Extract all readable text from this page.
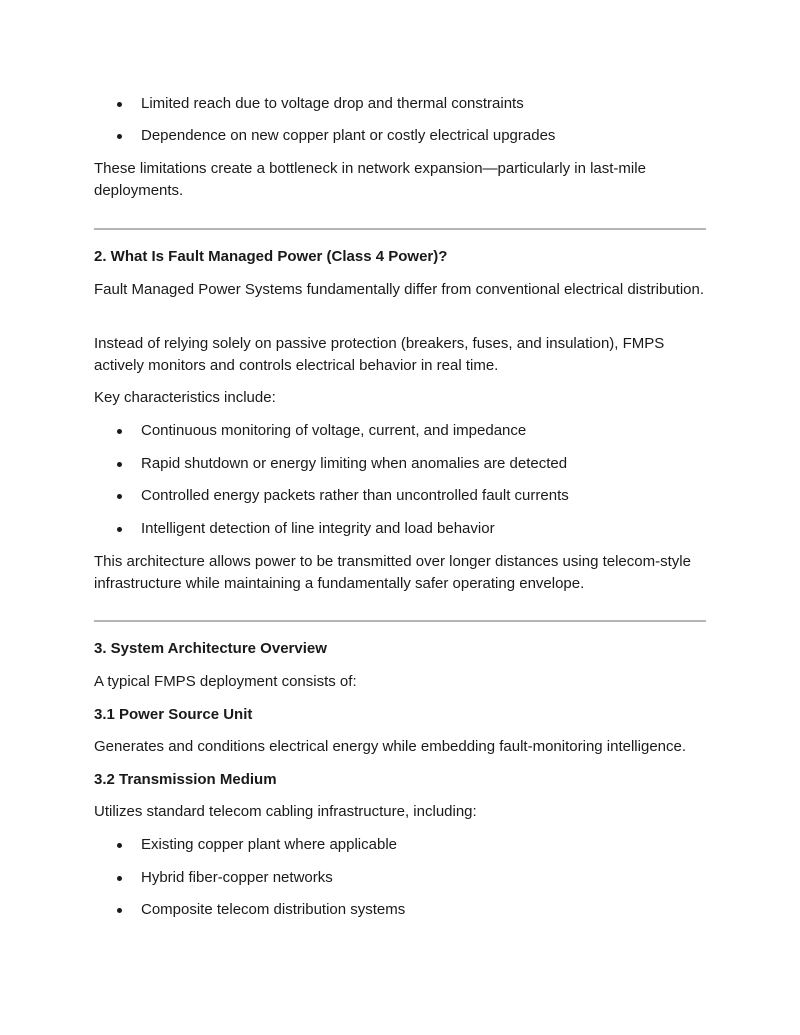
Limited reach due to voltage drop and thermal constraints
Dependence on new copper plant or costly electrical upgrades

These limitations create a bottleneck in network expansion—particularly in last-mile deployments.

2. What Is Fault Managed Power (Class 4 Power)?

Fault Managed Power Systems fundamentally differ from conventional electrical distribution.

Instead of relying solely on passive protection (breakers, fuses, and insulation), FMPS actively monitors and controls electrical behavior in real time.

Key characteristics include:

Continuous monitoring of voltage, current, and impedance
Rapid shutdown or energy limiting when anomalies are detected
Controlled energy packets rather than uncontrolled fault currents
Intelligent detection of line integrity and load behavior

This architecture allows power to be transmitted over longer distances using telecom-style infrastructure while maintaining a fundamentally safer operating envelope.

3. System Architecture Overview

A typical FMPS deployment consists of:

3.1 Power Source Unit

Generates and conditions electrical energy while embedding fault-monitoring intelligence.

3.2 Transmission Medium

Utilizes standard telecom cabling infrastructure, including:

Existing copper plant where applicable
Hybrid fiber-copper networks
Composite telecom distribution systems
